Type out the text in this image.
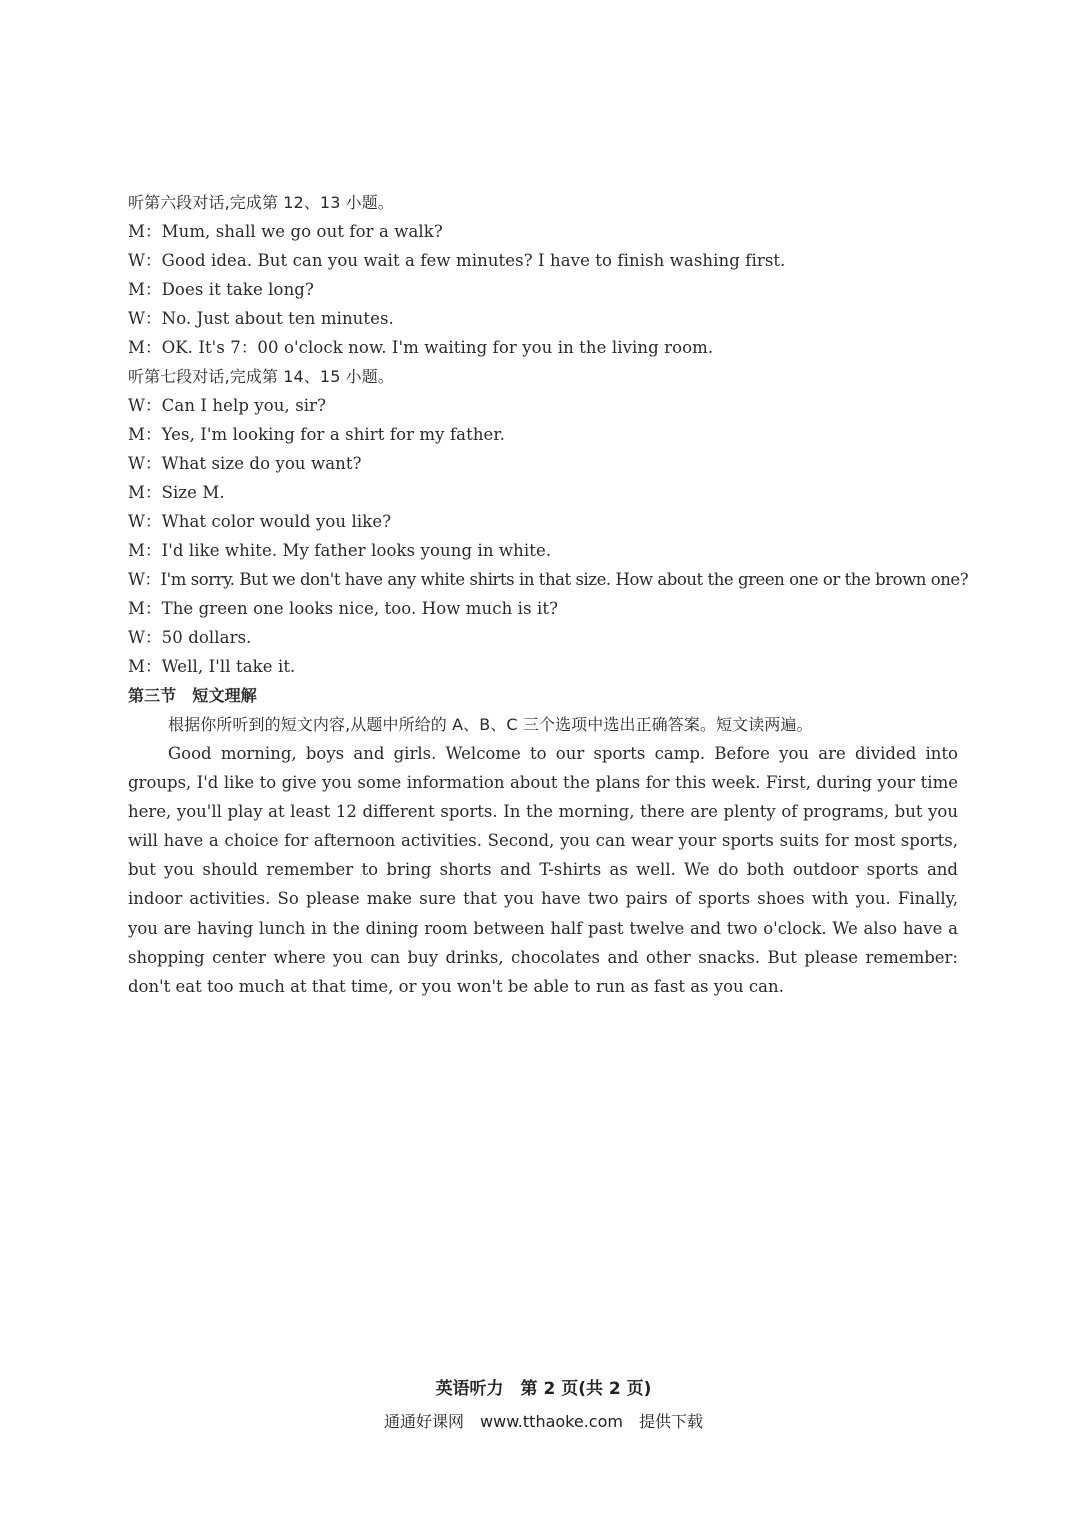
听第六段对话,完成第 12、13 小题。
M：Mum, shall we go out for a walk?
W：Good idea. But can you wait a few minutes? I have to finish washing first.
M：Does it take long?
W：No. Just about ten minutes.
M：OK. It's 7：00 o'clock now. I'm waiting for you in the living room.
听第七段对话,完成第 14、15 小题。
W：Can I help you, sir?
M：Yes, I'm looking for a shirt for my father.
W：What size do you want?
M：Size M.
W：What color would you like?
M：I'd like white. My father looks young in white.
W：I'm sorry. But we don't have any white shirts in that size. How about the green one or the brown one?
M：The green one looks nice, too. How much is it?
W：50 dollars.
M：Well, I'll take it.
第三节　短文理解
根据你所听到的短文内容,从题中所给的 A、B、C 三个选项中选出正确答案。短文读两遍。

Good morning, boys and girls. Welcome to our sports camp. Before you are divided into groups, I'd like to give you some information about the plans for this week. First, during your time here, you'll play at least 12 different sports. In the morning, there are plenty of programs, but you will have a choice for afternoon activities. Second, you can wear your sports suits for most sports, but you should remember to bring shorts and T-shirts as well. We do both outdoor sports and indoor activities. So please make sure that you have two pairs of sports shoes with you. Finally, you are having lunch in the dining room between half past twelve and two o'clock. We also have a shopping center where you can buy drinks, chocolates and other snacks. But please remember: don't eat too much at that time, or you won't be able to run as fast as you can.

英语听力　第 2 页(共 2 页)
通通好课网　www.tthaoke.com　提供下载
